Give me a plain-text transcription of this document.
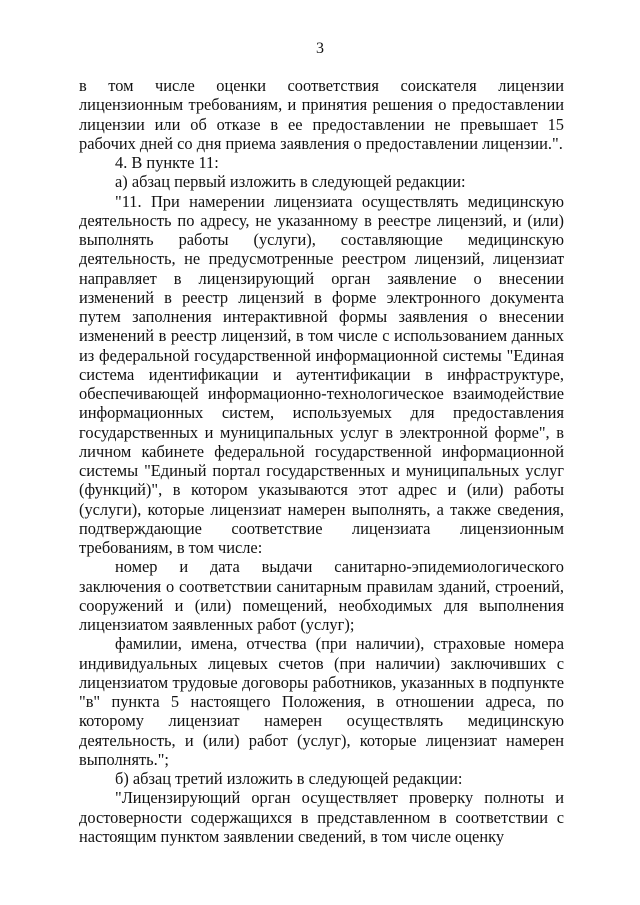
3

в том числе оценки соответствия соискателя лицензии лицензионным требованиям, и принятия решения о предоставлении лицензии или об отказе в ее предоставлении не превышает 15 рабочих дней со дня приема заявления о предоставлении лицензии.".

4. В пункте 11:

а) абзац первый изложить в следующей редакции:

"11. При намерении лицензиата осуществлять медицинскую деятельность по адресу, не указанному в реестре лицензий, и (или) выполнять работы (услуги), составляющие медицинскую деятельность, не предусмотренные реестром лицензий, лицензиат направляет в лицензирующий орган заявление о внесении изменений в реестр лицензий в форме электронного документа путем заполнения интерактивной формы заявления о внесении изменений в реестр лицензий, в том числе с использованием данных из федеральной государственной информационной системы "Единая система идентификации и аутентификации в инфраструктуре, обеспечивающей информационно-технологическое взаимодействие информационных систем, используемых для предоставления государственных и муниципальных услуг в электронной форме", в личном кабинете федеральной государственной информационной системы "Единый портал государственных и муниципальных услуг (функций)", в котором указываются этот адрес и (или) работы (услуги), которые лицензиат намерен выполнять, а также сведения, подтверждающие соответствие лицензиата лицензионным требованиям, в том числе:

номер и дата выдачи санитарно-эпидемиологического заключения о соответствии санитарным правилам зданий, строений, сооружений и (или) помещений, необходимых для выполнения лицензиатом заявленных работ (услуг);

фамилии, имена, отчества (при наличии), страховые номера индивидуальных лицевых счетов (при наличии) заключивших с лицензиатом трудовые договоры работников, указанных в подпункте "в" пункта 5 настоящего Положения, в отношении адреса, по которому лицензиат намерен осуществлять медицинскую деятельность, и (или) работ (услуг), которые лицензиат намерен выполнять.";

б) абзац третий изложить в следующей редакции:

"Лицензирующий орган осуществляет проверку полноты и достоверности содержащихся в представленном в соответствии с настоящим пунктом заявлении сведений, в том числе оценку
